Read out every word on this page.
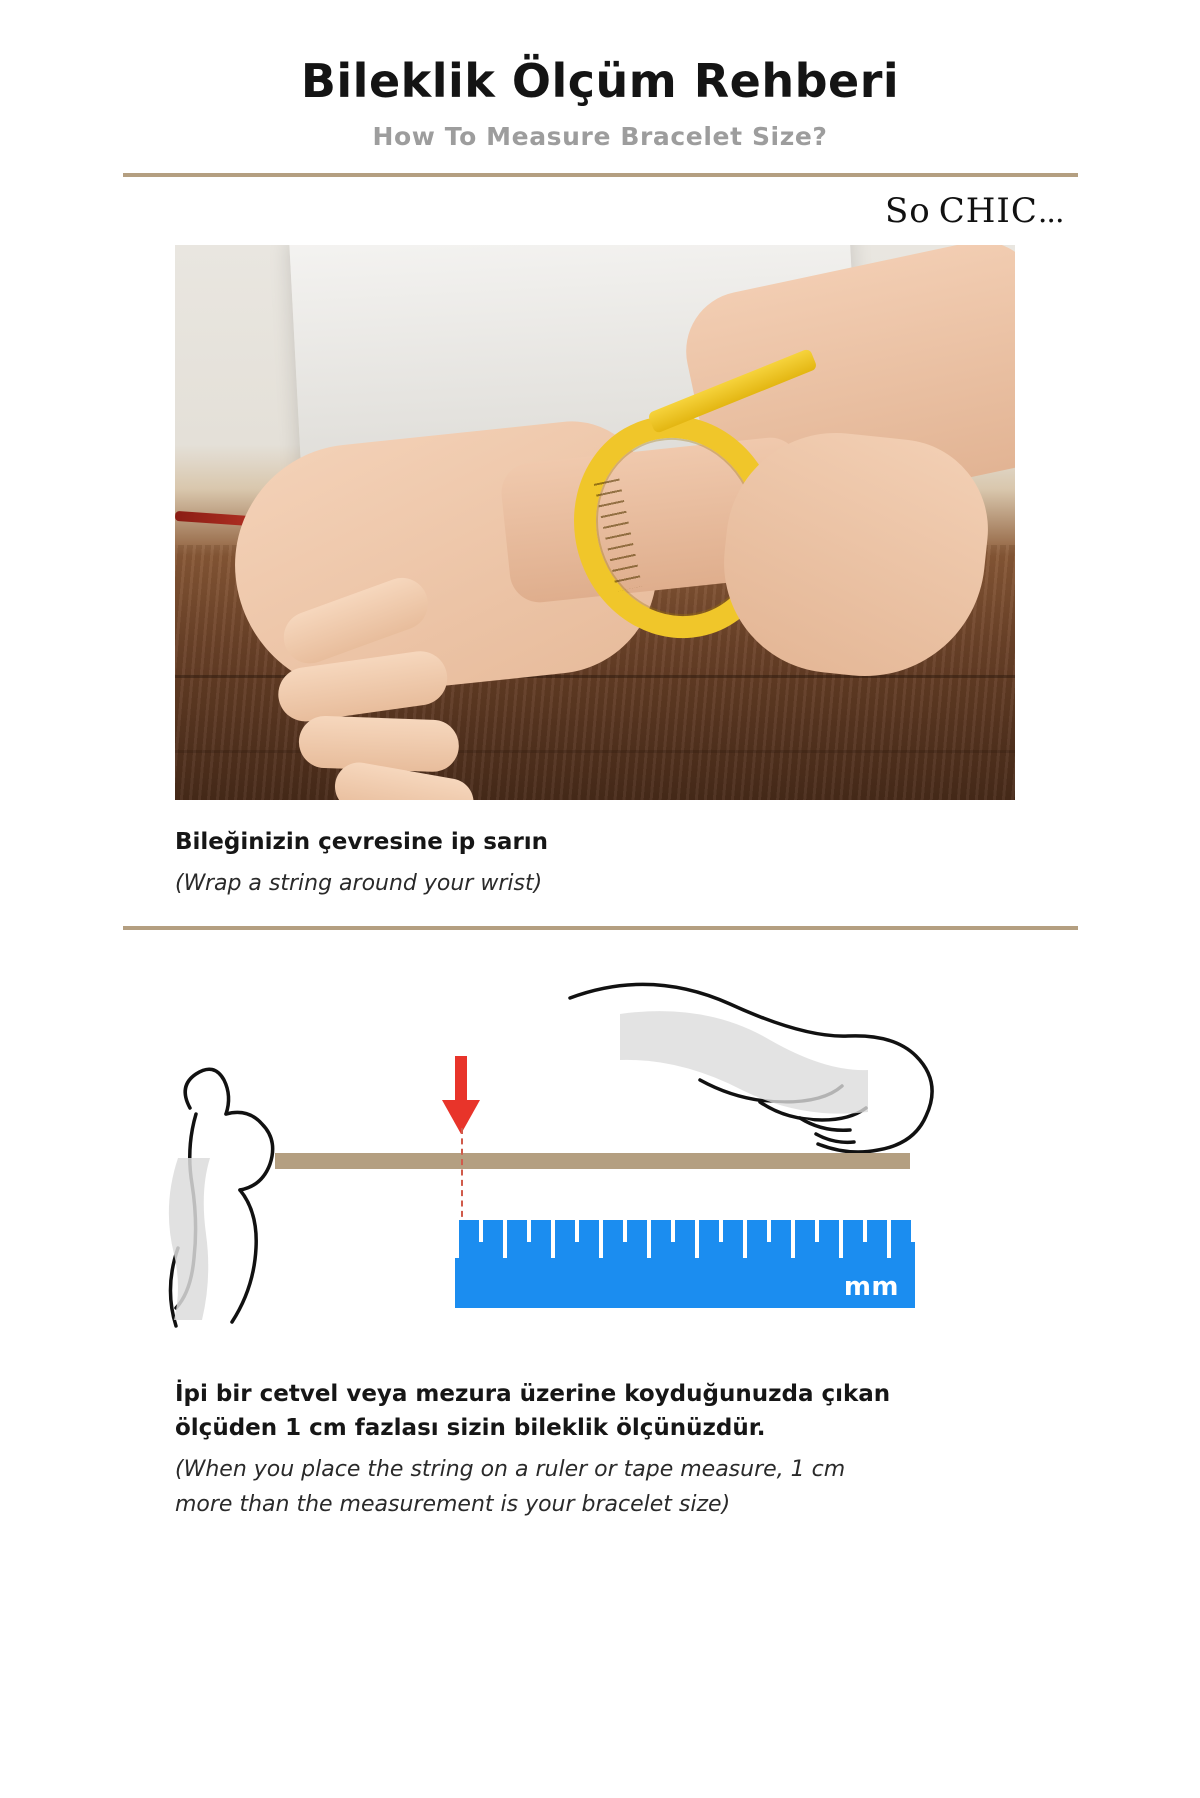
Bileklik Ölçüm Rehberi

How To Measure Bracelet Size?

So CHIC...

Bileğinizin çevresine ip sarın

(Wrap a string around your wrist)

mm

İpi bir cetvel veya mezura üzerine koyduğunuzda çıkan

ölçüden 1 cm fazlası sizin bileklik ölçünüzdür.

(When you place the string on a ruler or tape measure, 1 cm

more than the measurement is your bracelet size)
